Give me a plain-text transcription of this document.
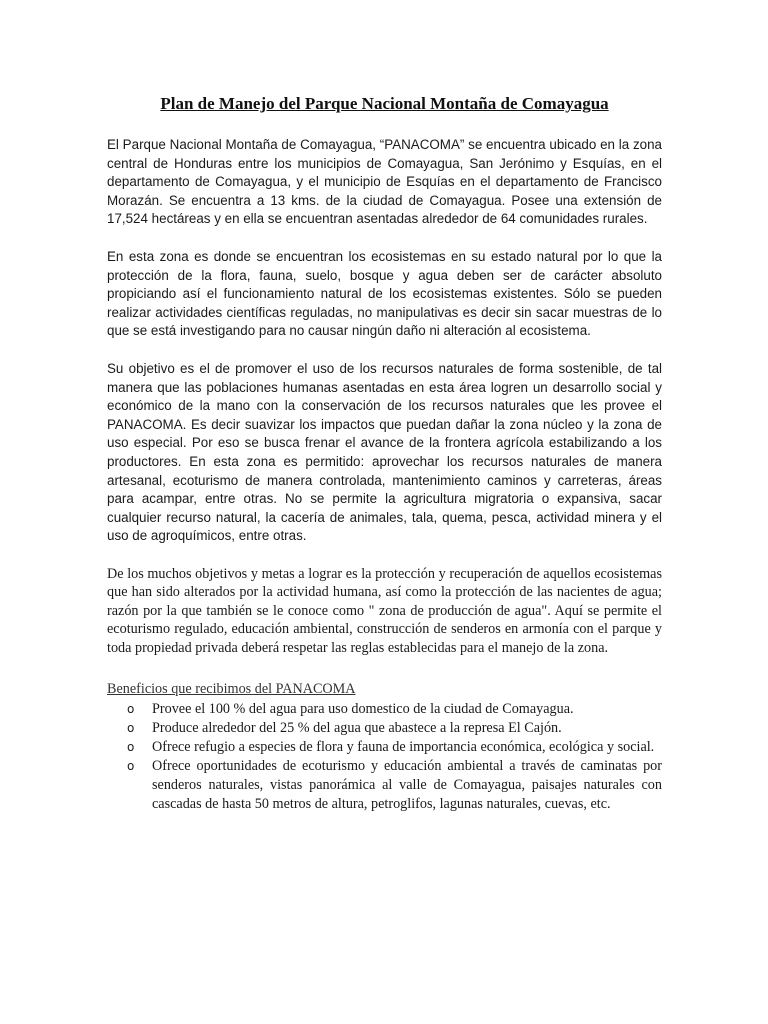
Plan de Manejo del Parque Nacional Montaña de Comayagua

El Parque Nacional Montaña de Comayagua, “PANACOMA” se encuentra ubicado en la zona central de Honduras entre los municipios de Comayagua, San Jerónimo y Esquías, en el departamento de Comayagua, y el municipio de Esquías en el departamento de Francisco Morazán. Se encuentra a 13 kms. de la ciudad de Comayagua. Posee una extensión de 17,524 hectáreas y en ella se encuentran asentadas alrededor de 64 comunidades rurales.

En esta zona es donde se encuentran los ecosistemas en su estado natural por lo que la protección de la flora, fauna, suelo, bosque y agua deben ser de carácter absoluto propiciando así el funcionamiento natural de los ecosistemas existentes. Sólo se pueden realizar actividades científicas reguladas, no manipulativas es decir sin sacar muestras de lo que se está investigando para no causar ningún daño ni alteración al ecosistema.

Su objetivo es el de promover el uso de los recursos naturales de forma sostenible, de tal manera que las poblaciones humanas asentadas en esta área logren un desarrollo social y económico de la mano con la conservación de los recursos naturales que les provee el PANACOMA. Es decir suavizar los impactos que puedan dañar la zona núcleo y la zona de uso especial. Por eso se busca frenar el avance de la frontera agrícola estabilizando a los productores. En esta zona es permitido: aprovechar los recursos naturales de manera artesanal, ecoturismo de manera controlada, mantenimiento caminos y carreteras, áreas para acampar, entre otras. No se permite la agricultura migratoria o expansiva, sacar cualquier recurso natural, la cacería de animales, tala, quema, pesca, actividad minera y el uso de agroquímicos, entre otras.

De los muchos objetivos y metas a lograr es la protección y recuperación de aquellos ecosistemas que han sido alterados por la actividad humana, así como la protección de las nacientes de agua; razón por la que también se le conoce como " zona de producción de agua". Aquí se permite el ecoturismo regulado, educación ambiental, construcción de senderos en armonía con el parque y toda propiedad privada deberá respetar las reglas establecidas para el manejo de la zona.

Beneficios que recibimos del PANACOMA
o Provee el 100 % del agua para uso domestico de la ciudad de Comayagua.
o Produce alrededor del 25 % del agua que abastece a la represa El Cajón.
o Ofrece refugio a especies de flora y fauna de importancia económica, ecológica y social.
o Ofrece oportunidades de ecoturismo y educación ambiental a través de caminatas por senderos naturales, vistas panorámica al valle de Comayagua, paisajes naturales con cascadas de hasta 50 metros de altura, petroglifos, lagunas naturales, cuevas, etc.
